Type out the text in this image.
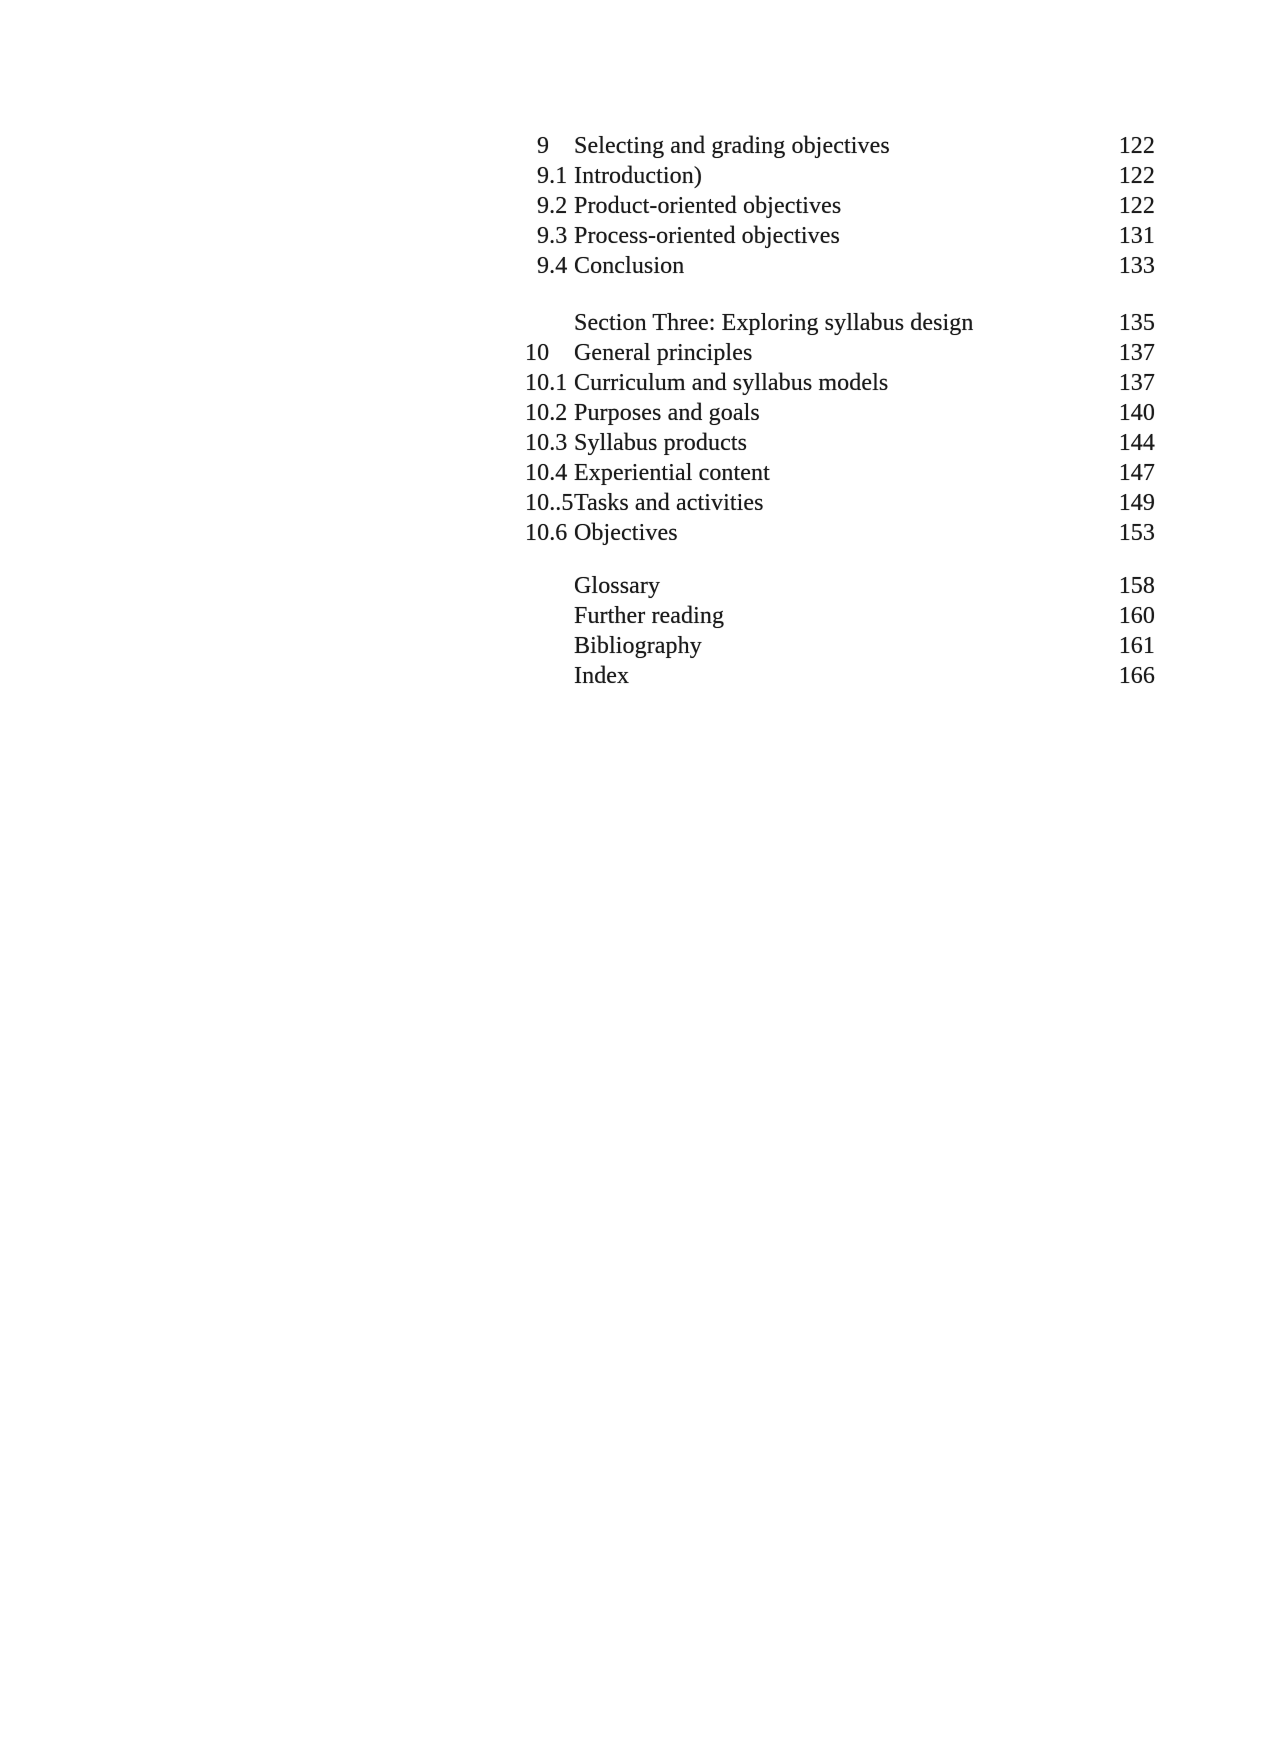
9	Selecting and grading objectives	122
9.1 Introduction)	122
9.2 Product-oriented objectives	122
9.3 Process-oriented objectives	131
9.4 Conclusion	133
Section Three: Exploring syllabus design	135
10	General principles	137
10.1 Curriculum and syllabus models	137
10.2 Purposes and goals	140
10.3 Syllabus products	144
10.4 Experiential content	147
10..5 Tasks and activities	149
10.6 Objectives	153
Glossary	158
Further reading	160
Bibliography	161
Index	166
